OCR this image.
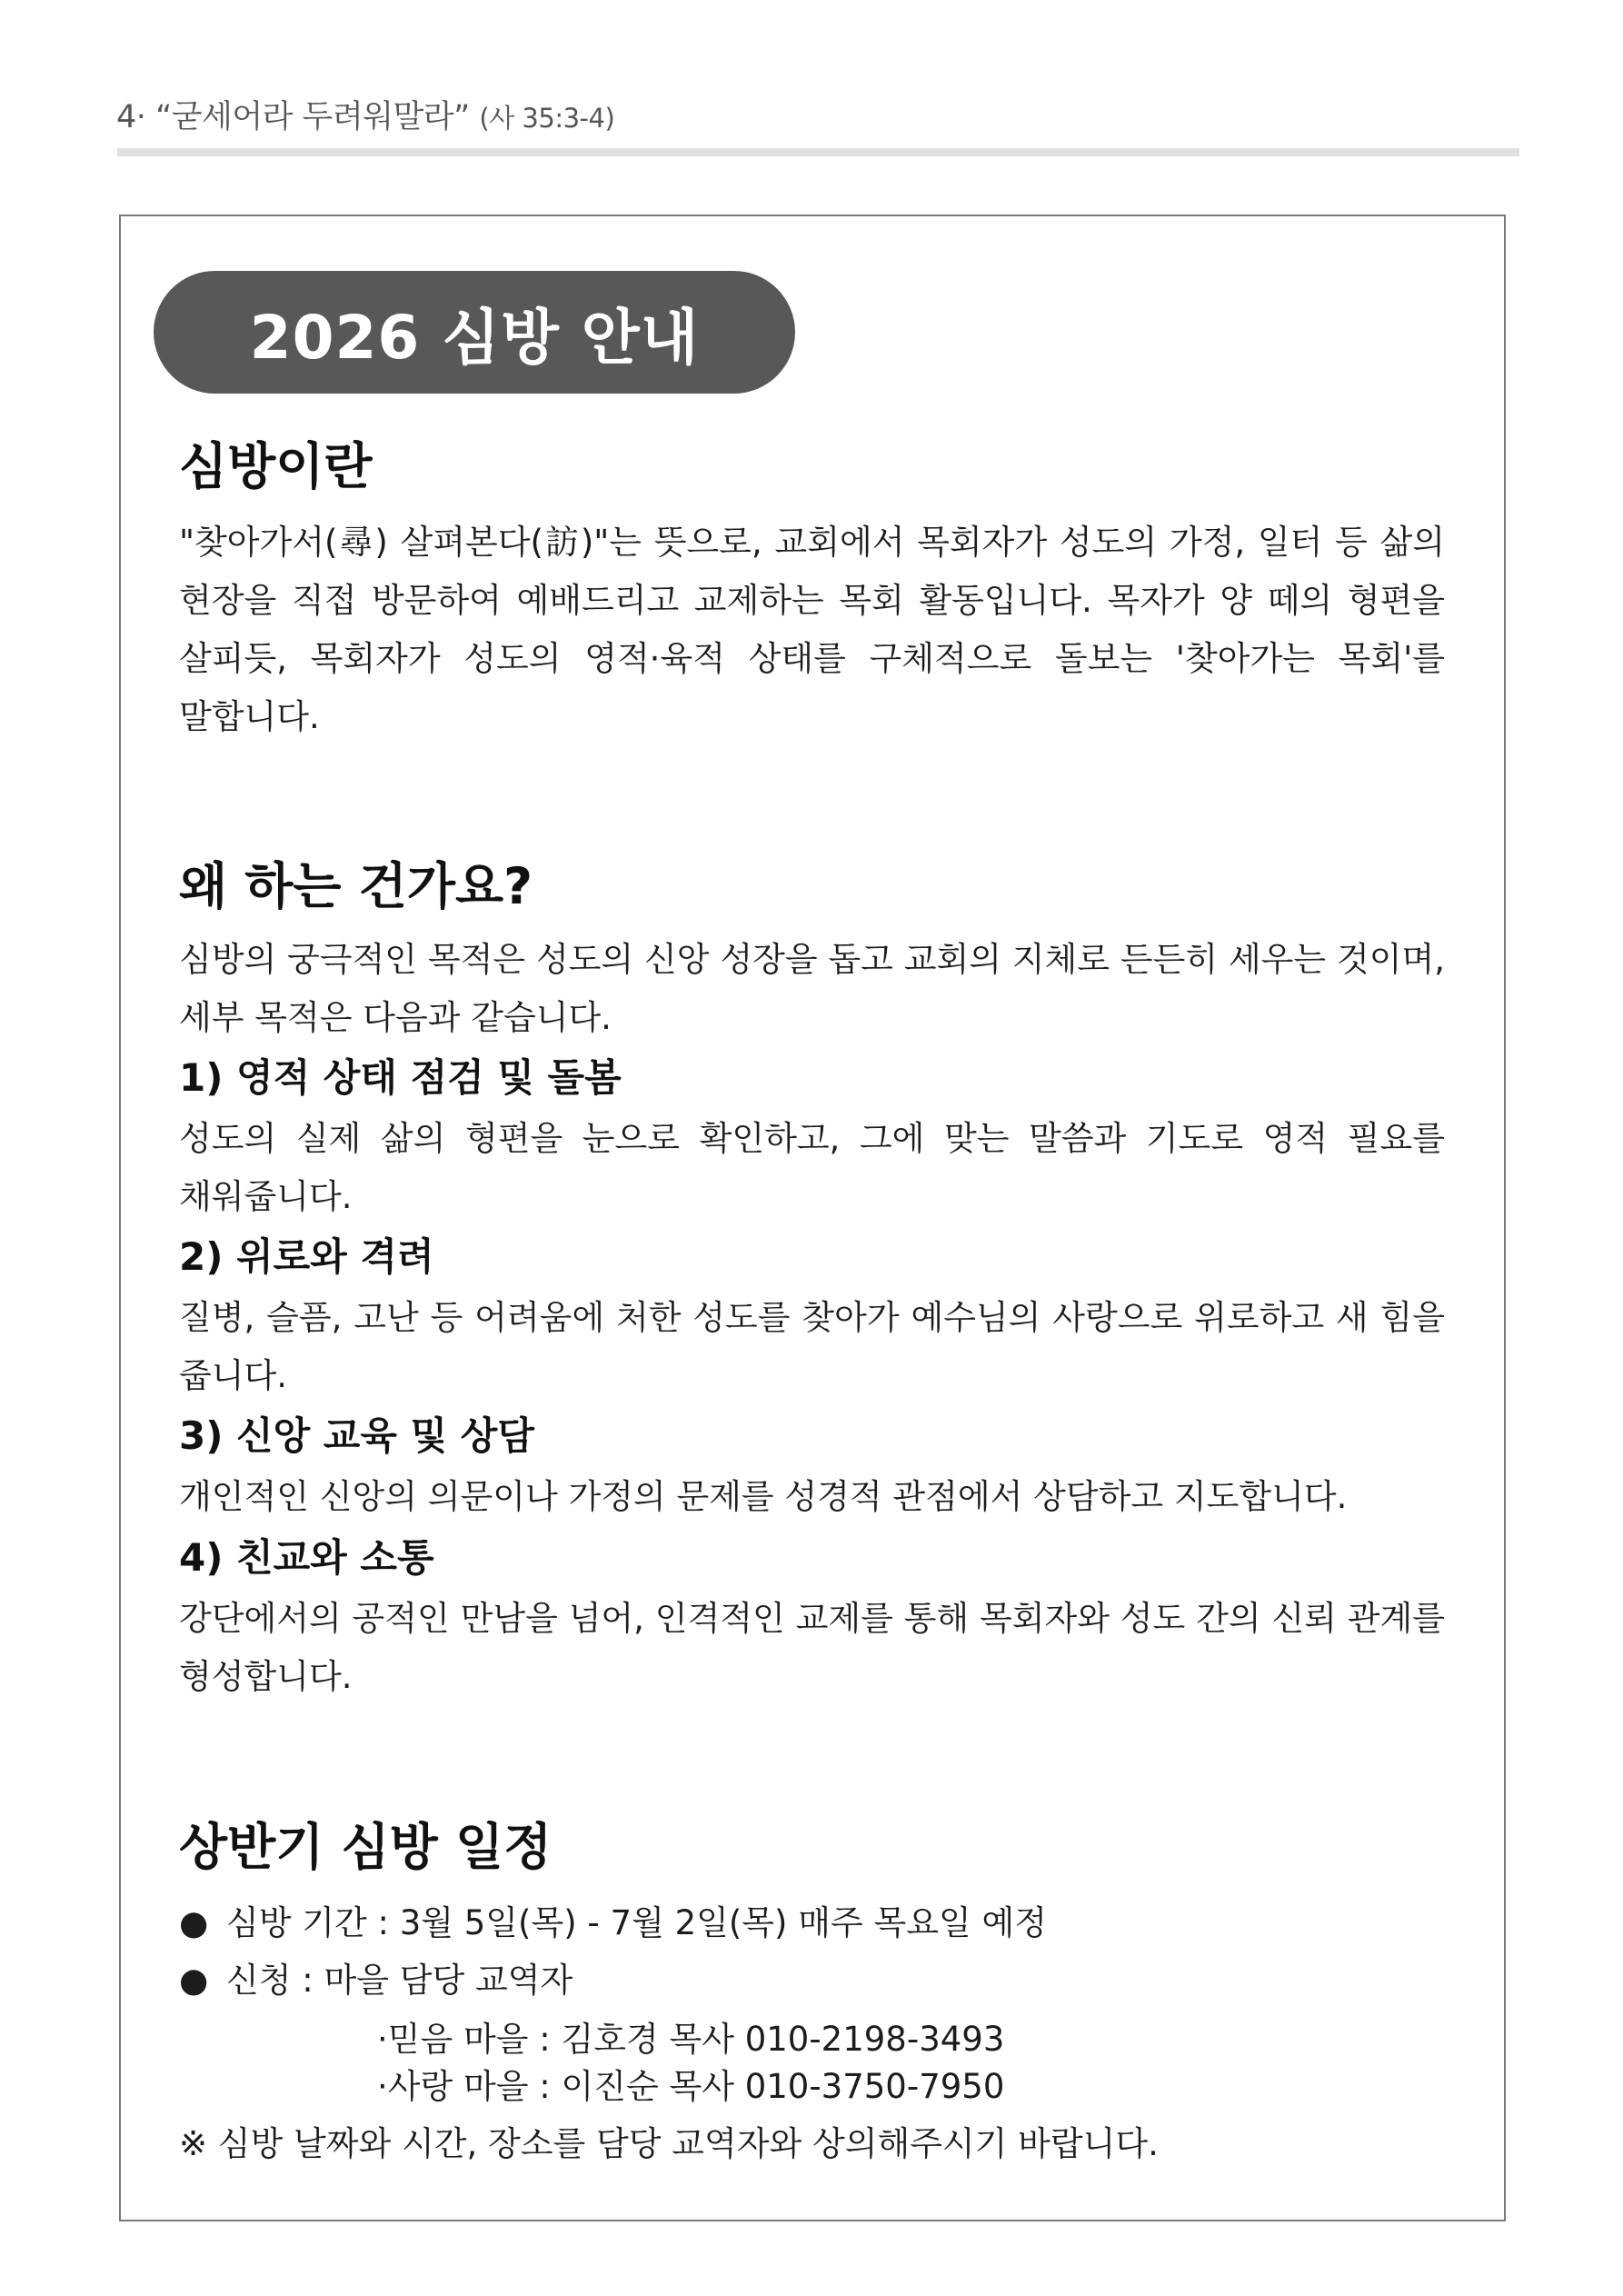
4· “굳세어라 두려워말라” (사 35:3-4)
2026 심방 안내
심방이란

"찾아가서(尋) 살펴본다(訪)"는 뜻으로, 교회에서 목회자가 성도의 가정, 일터 등 삶의 현장을 직접 방문하여 예배드리고 교제하는 목회 활동입니다. 목자가 양 떼의 형편을 살피듯, 목회자가 성도의 영적·육적 상태를 구체적으로 돌보는 '찾아가는 목회'를 말합니다.

왜 하는 건가요?

심방의 궁극적인 목적은 성도의 신앙 성장을 돕고 교회의 지체로 든든히 세우는 것이며, 세부 목적은 다음과 같습니다.

1) 영적 상태 점검 및 돌봄

성도의 실제 삶의 형편을 눈으로 확인하고, 그에 맞는 말씀과 기도로 영적 필요를 채워줍니다.

2) 위로와 격려

질병, 슬픔, 고난 등 어려움에 처한 성도를 찾아가 예수님의 사랑으로 위로하고 새 힘을 줍니다.

3) 신앙 교육 및 상담

개인적인 신앙의 의문이나 가정의 문제를 성경적 관점에서 상담하고 지도합니다.

4) 친교와 소통

강단에서의 공적인 만남을 넘어, 인격적인 교제를 통해 목회자와 성도 간의 신뢰 관계를 형성합니다.

상반기 심방 일정
● 심방 기간 : 3월 5일(목) - 7월 2일(목) 매주 목요일 예정
● 신청 : 마을 담당 교역자
·믿음 마을 : 김호경 목사 010-2198-3493
·사랑 마을 : 이진순 목사 010-3750-7950
※ 심방 날짜와 시간, 장소를 담당 교역자와 상의해주시기 바랍니다.
